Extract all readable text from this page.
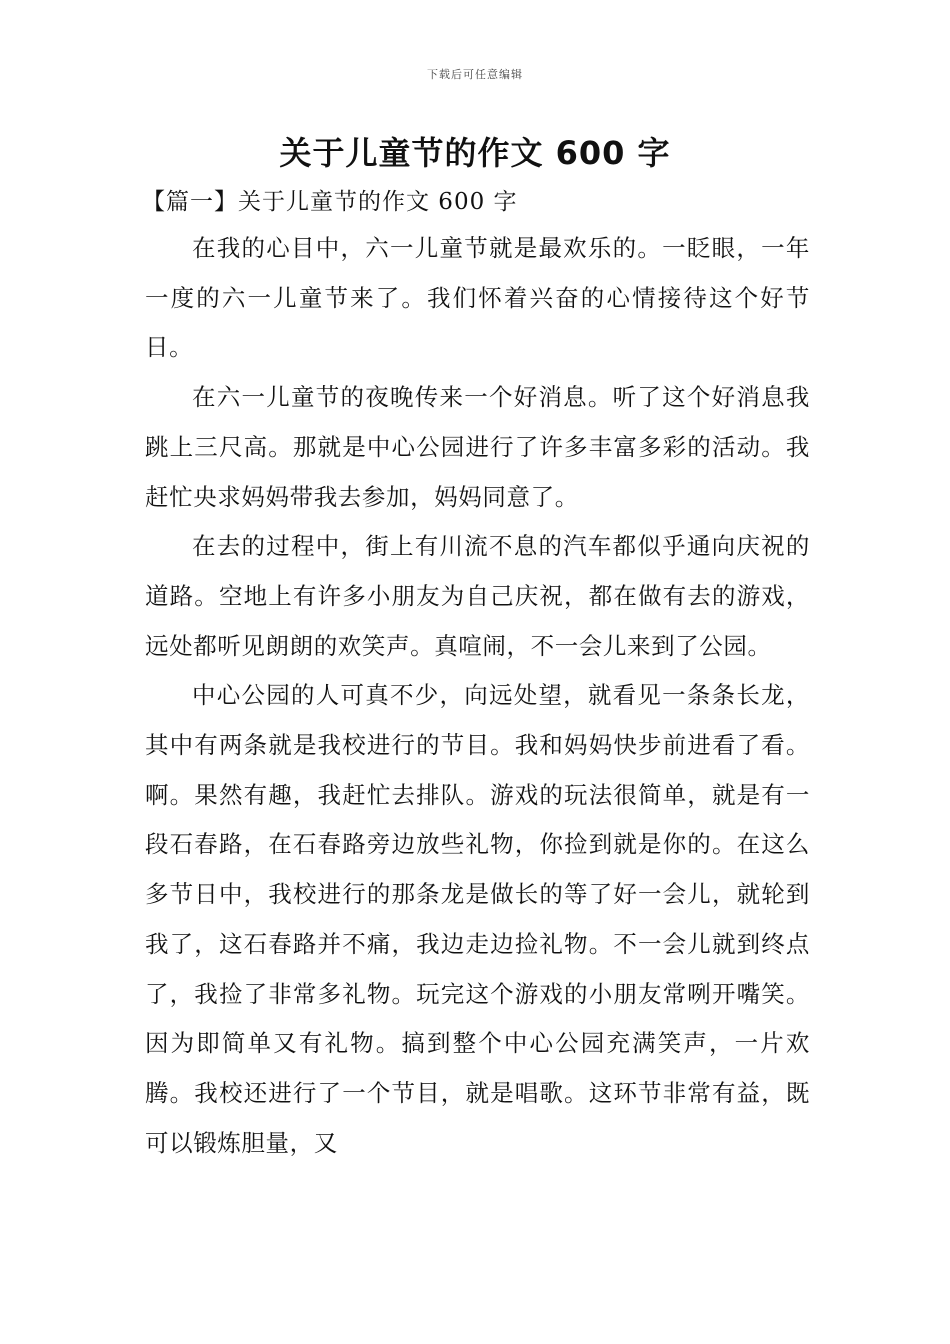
下载后可任意编辑
关于儿童节的作文 600 字
【篇一】关于儿童节的作文 600 字

在我的心目中，六一儿童节就是最欢乐的。一眨眼，一年一度的六一儿童节来了。我们怀着兴奋的心情接待这个好节日。

在六一儿童节的夜晚传来一个好消息。听了这个好消息我跳上三尺高。那就是中心公园进行了许多丰富多彩的活动。我赶忙央求妈妈带我去参加，妈妈同意了。

在去的过程中，街上有川流不息的汽车都似乎通向庆祝的道路。空地上有许多小朋友为自己庆祝，都在做有去的游戏，远处都听见朗朗的欢笑声。真喧闹，不一会儿来到了公园。

中心公园的人可真不少，向远处望，就看见一条条长龙，其中有两条就是我校进行的节目。我和妈妈快步前进看了看。啊。果然有趣，我赶忙去排队。游戏的玩法很简单，就是有一段石春路，在石春路旁边放些礼物，你捡到就是你的。在这么多节日中，我校进行的那条龙是做长的等了好一会儿，就轮到我了，这石春路并不痛，我边走边捡礼物。不一会儿就到终点了，我捡了非常多礼物。玩完这个游戏的小朋友常咧开嘴笑。因为即简单又有礼物。搞到整个中心公园充满笑声，一片欢腾。我校还进行了一个节目，就是唱歌。这环节非常有益，既可以锻炼胆量，又
